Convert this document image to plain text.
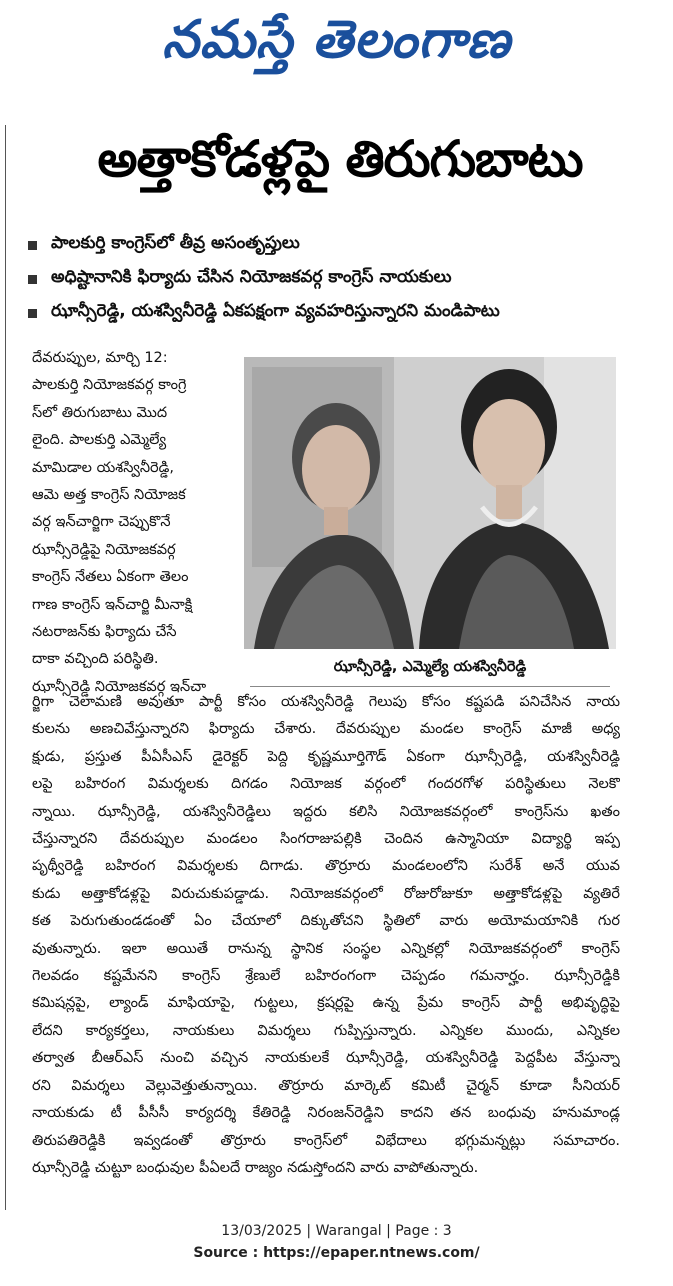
నమస్తే తెలంగాణ
అత్తాకోడళ్లపై తిరుగుబాటు
పాలకుర్తి కాంగ్రెస్‌లో తీవ్ర అసంతృప్తులు
అధిష్టానానికి ఫిర్యాదు చేసిన నియోజకవర్గ కాంగ్రెస్ నాయకులు
ఝాన్సీరెడ్డి, యశస్వినీరెడ్డి ఏకపక్షంగా వ్యవహరిస్తున్నారని మండిపాటు
దేవరుప్పుల, మార్చి 12:
పాలకుర్తి నియోజకవర్గ కాంగ్రె
స్‌లో తిరుగుబాటు మొద
లైంది. పాలకుర్తి ఎమ్మెల్యే
మామిడాల యశస్వినీరెడ్డి,
ఆమె అత్త కాంగ్రెస్ నియోజక
వర్గ ఇన్‌చార్జిగా చెప్పుకొనే
ఝాన్సీరెడ్డిపై నియోజకవర్గ
కాంగ్రెస్ నేతలు ఏకంగా తెలం
గాణ కాంగ్రెస్ ఇన్‌చార్జి మీనాక్షి
నటరాజన్‌కు ఫిర్యాదు చేసే
దాకా వచ్చింది పరిస్థితి.
ఝాన్సీరెడ్డి నియోజకవర్గ ఇన్‌చా
ఝాన్సీరెడ్డి, ఎమ్మెల్యే యశస్వినీరెడ్డి
ర్జిగా చెలామణి అవుతూ పార్టీ కోసం యశస్వినీరెడ్డి గెలుపు కోసం కష్టపడి పనిచేసిన నాయ
కులను అణచివేస్తున్నారని ఫిర్యాదు చేశారు. దేవరుప్పుల మండల కాంగ్రెస్ మాజీ అధ్య
క్షుడు, ప్రస్తుత పీఏసీఎస్ డైరెక్టర్ పెద్ది కృష్ణమూర్తిగౌడ్ ఏకంగా ఝాన్సీరెడ్డి, యశస్వినీరెడ్డి
లపై బహిరంగ విమర్శలకు దిగడం నియోజక వర్గంలో గందరగోళ పరిస్థితులు నెలకొ
న్నాయి. ఝాన్సీరెడ్డి, యశస్వినీరెడ్డిలు ఇద్దరు కలిసి నియోజకవర్గంలో కాంగ్రెస్‌ను ఖతం
చేస్తున్నారని దేవరుప్పుల మండలం సింగరాజుపల్లికి చెందిన ఉస్మానియా విద్యార్థి ఇప్ప
పృథ్వీరెడ్డి బహిరంగ విమర్శలకు దిగాడు. తొర్రూరు మండలంలోని సురేశ్ అనే యువ
కుడు అత్తాకోడళ్లపై విరుచుకుపడ్డాడు. నియోజకవర్గంలో రోజురోజుకూ అత్తాకోడళ్లపై వ్యతిరే
కత పెరుగుతుండడంతో ఏం చేయాలో దిక్కుతోచని స్థితిలో వారు అయోమయానికి గుర
వుతున్నారు. ఇలా అయితే రానున్న స్థానిక సంస్థల ఎన్నికల్లో నియోజకవర్గంలో కాంగ్రెస్
గెలవడం కష్టమేనని కాంగ్రెస్ శ్రేణులే బహిరంగంగా చెప్పడం గమనార్హం. ఝాన్సీరెడ్డికి
కమిషన్లపై, ల్యాండ్ మాఫియాపై, గుట్టలు, క్రషర్లపై ఉన్న ప్రేమ కాంగ్రెస్ పార్టీ అభివృద్ధిపై
లేదని కార్యకర్తలు, నాయకులు విమర్శలు గుప్పిస్తున్నారు. ఎన్నికల ముందు, ఎన్నికల
తర్వాత బీఆర్‌ఎస్ నుంచి వచ్చిన నాయకులకే ఝాన్సీరెడ్డి, యశస్వినీరెడ్డి పెద్దపీట వేస్తున్నా
రని విమర్శలు వెల్లువెత్తుతున్నాయి. తొర్రూరు మార్కెట్ కమిటీ చైర్మన్ కూడా సీనియర్
నాయకుడు టీ పీసీసీ కార్యదర్శి కేతిరెడ్డి నిరంజన్‌రెడ్డిని కాదని తన బంధువు హనుమాండ్ల
తిరుపతిరెడ్డికి ఇవ్వడంతో తొర్రూరు కాంగ్రెస్‌లో విభేదాలు భగ్గుమన్నట్లు సమాచారం.
ఝాన్సీరెడ్డి చుట్టూ బంధువుల పీఏలదే రాజ్యం నడుస్తోందని వారు వాపోతున్నారు.
13/03/2025 | Warangal | Page : 3
Source : https://epaper.ntnews.com/
